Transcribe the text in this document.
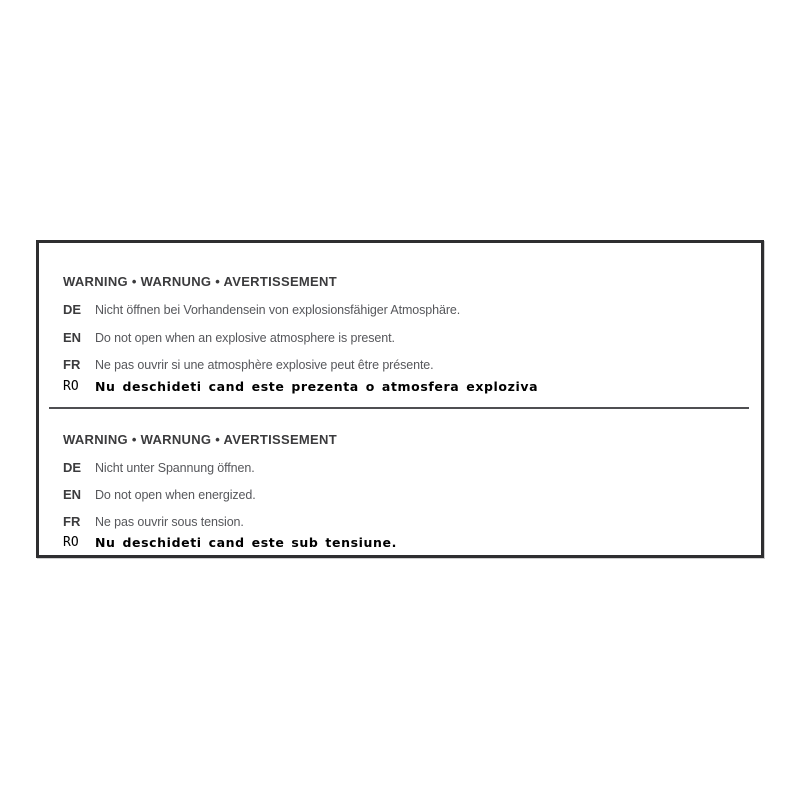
WARNING • WARNUNG • AVERTISSEMENT
DE Nicht öffnen bei Vorhandensein von explosionsfähiger Atmosphäre.
EN Do not open when an explosive atmosphere is present.
FR Ne pas ouvrir si une atmosphère explosive peut être présente.
RO Nu deschideti cand este prezenta o atmosfera exploziva
WARNING • WARNUNG • AVERTISSEMENT
DE Nicht unter Spannung öffnen.
EN Do not open when energized.
FR Ne pas ouvrir sous tension.
RO Nu deschideti cand este sub tensiune.
